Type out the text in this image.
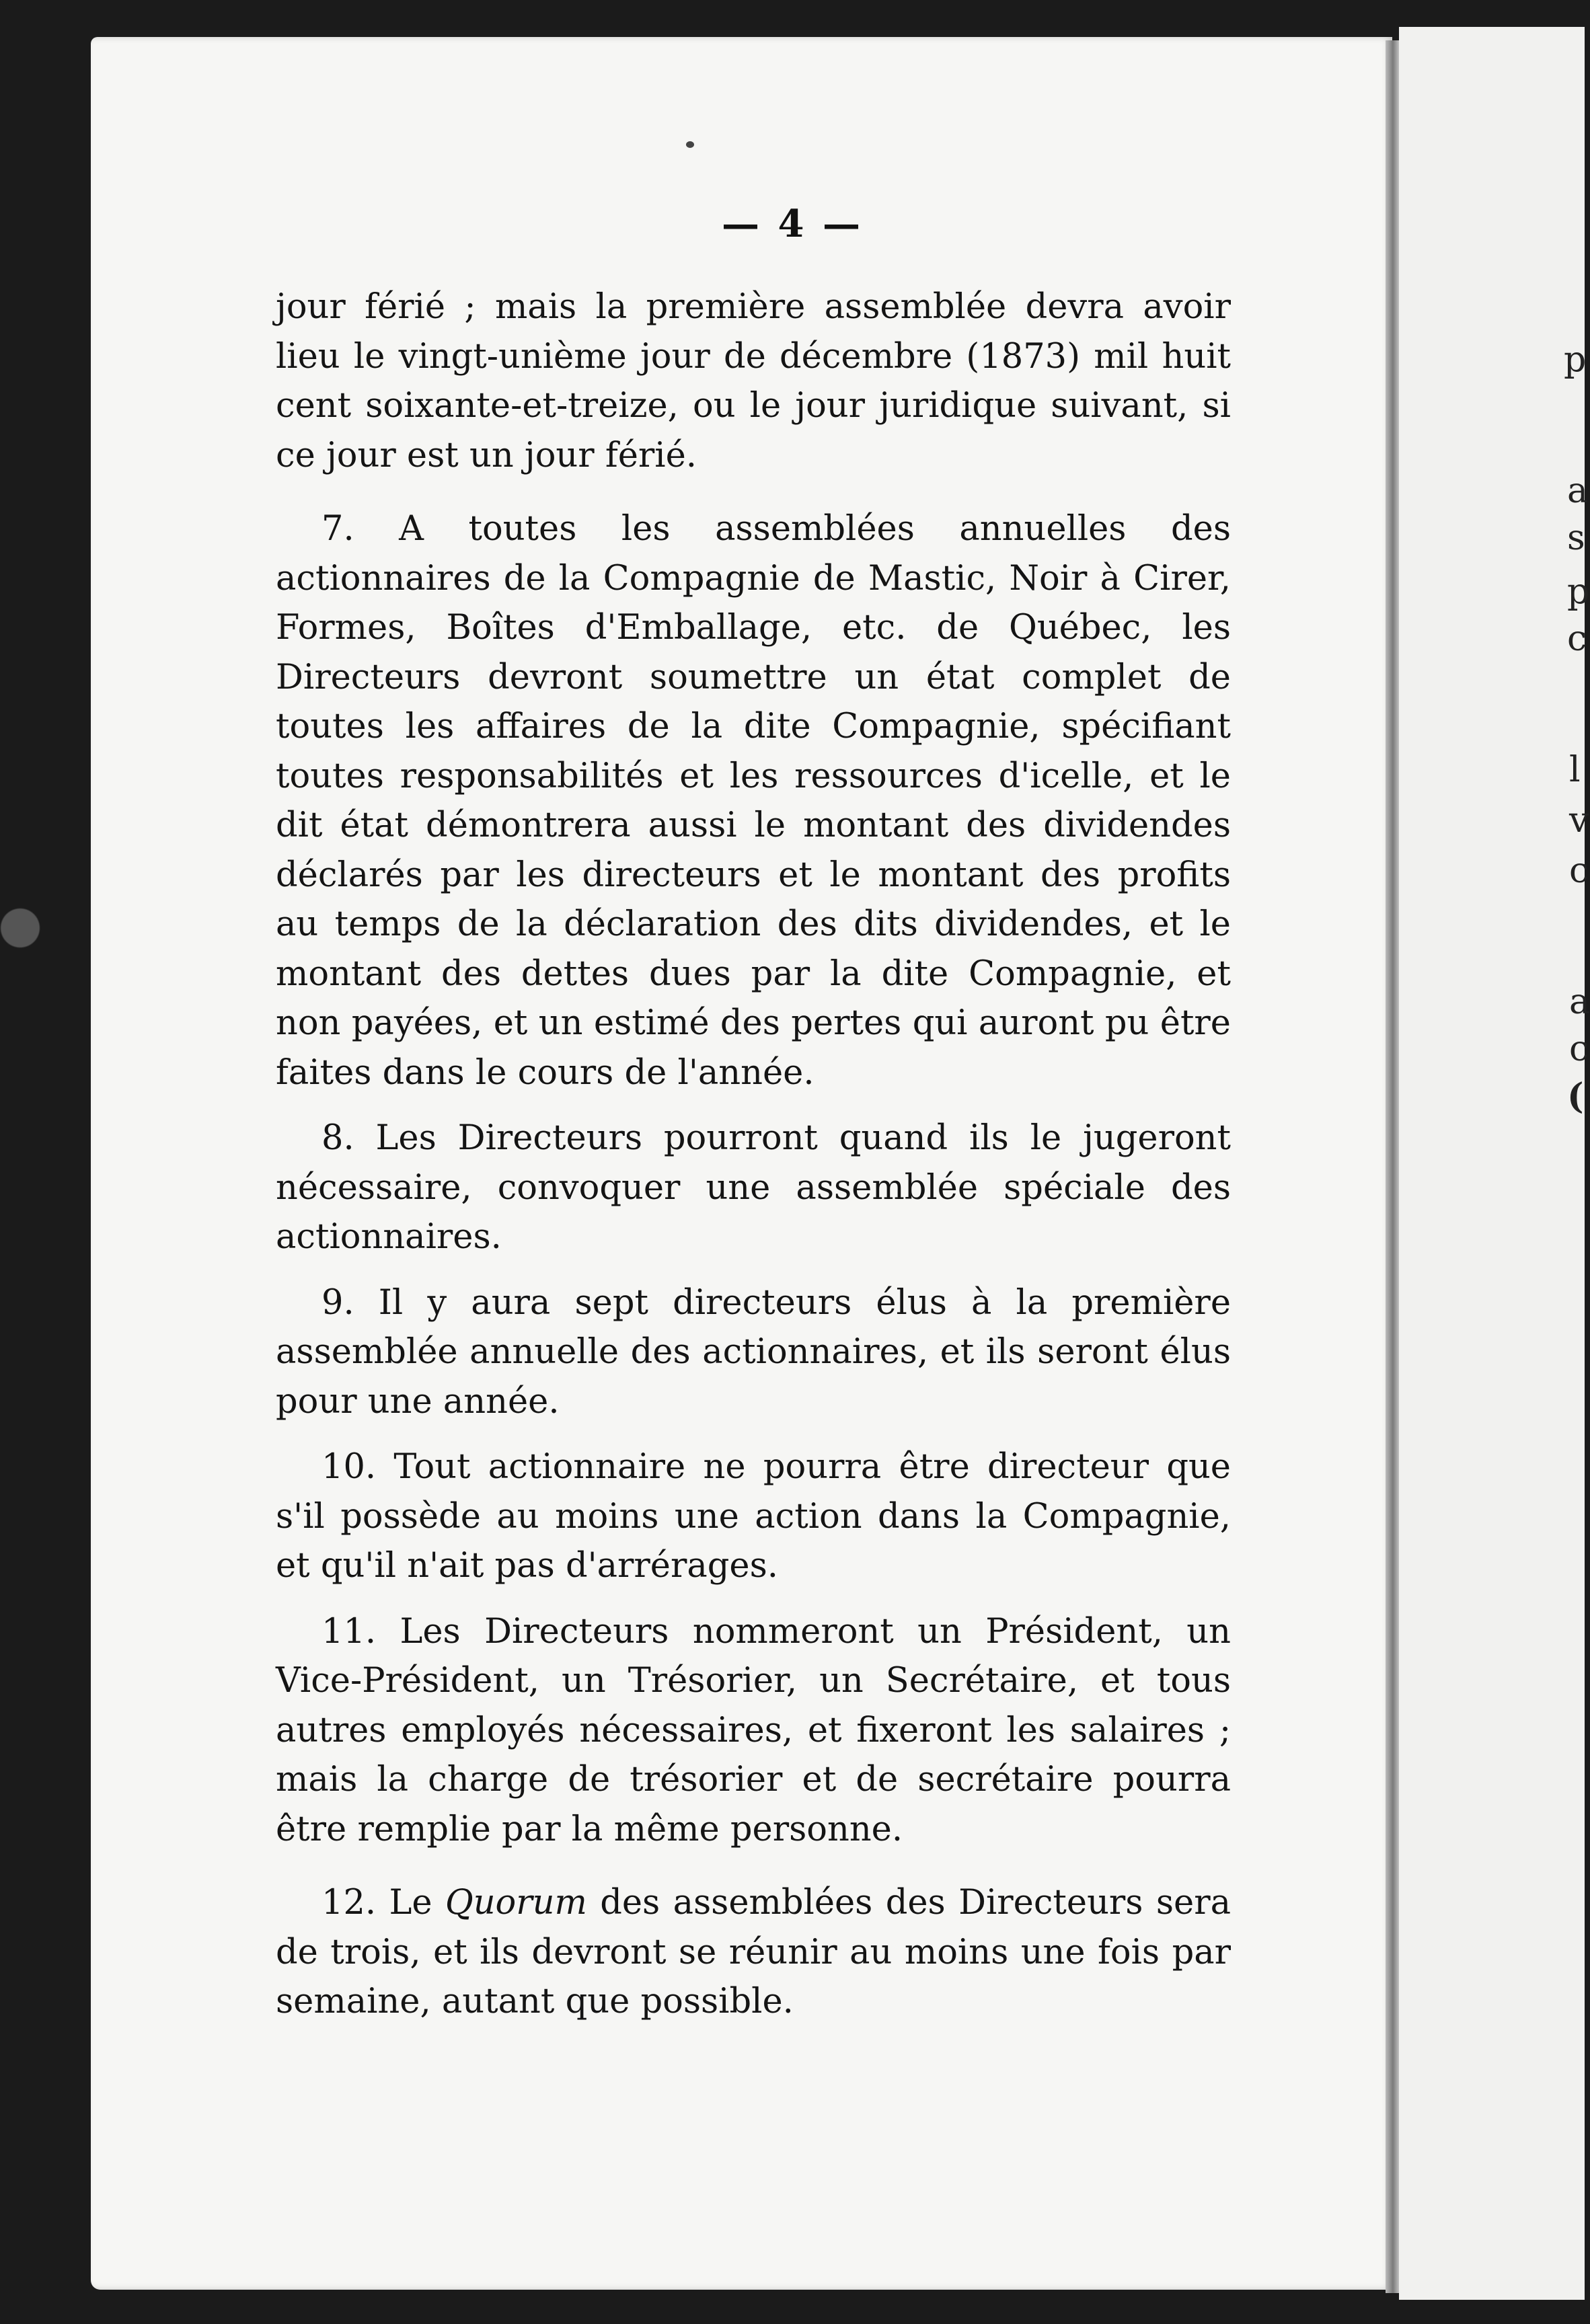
— 4 —

jour férié ; mais la première assemblée devra avoir lieu le vingt-unième jour de décembre (1873) mil huit cent soixante-et-treize, ou le jour juridique suivant, si ce jour est un jour férié.

7. A toutes les assemblées annuelles des actionnaires de la Compagnie de Mastic, Noir à Cirer, Formes, Boîtes d'Emballage, etc. de Québec, les Directeurs devront soumettre un état complet de toutes les affaires de la dite Compagnie, spécifiant toutes responsabilités et les ressources d'icelle, et le dit état démontrera aussi le montant des dividendes déclarés par les directeurs et le montant des profits au temps de la déclaration des dits dividendes, et le montant des dettes dues par la dite Compagnie, et non payées, et un estimé des pertes qui auront pu être faites dans le cours de l'année.

8. Les Directeurs pourront quand ils le jugeront nécessaire, convoquer une assemblée spéciale des actionnaires.

9. Il y aura sept directeurs élus à la première assemblée annuelle des actionnaires, et ils seront élus pour une année.

10. Tout actionnaire ne pourra être directeur que s'il possède au moins une action dans la Compagnie, et qu'il n'ait pas d'arrérages.

11. Les Directeurs nommeront un Président, un Vice-Président, un Trésorier, un Secrétaire, et tous autres employés nécessaires, et fixeront les salaires ; mais la charge de trésorier et de secrétaire pourra être remplie par la même personne.

12. Le Quorum des assemblées des Directeurs sera de trois, et ils devront se réunir au moins une fois par semaine, autant que possible.

p
a
s
p
c
l
v
c
a
c
(
